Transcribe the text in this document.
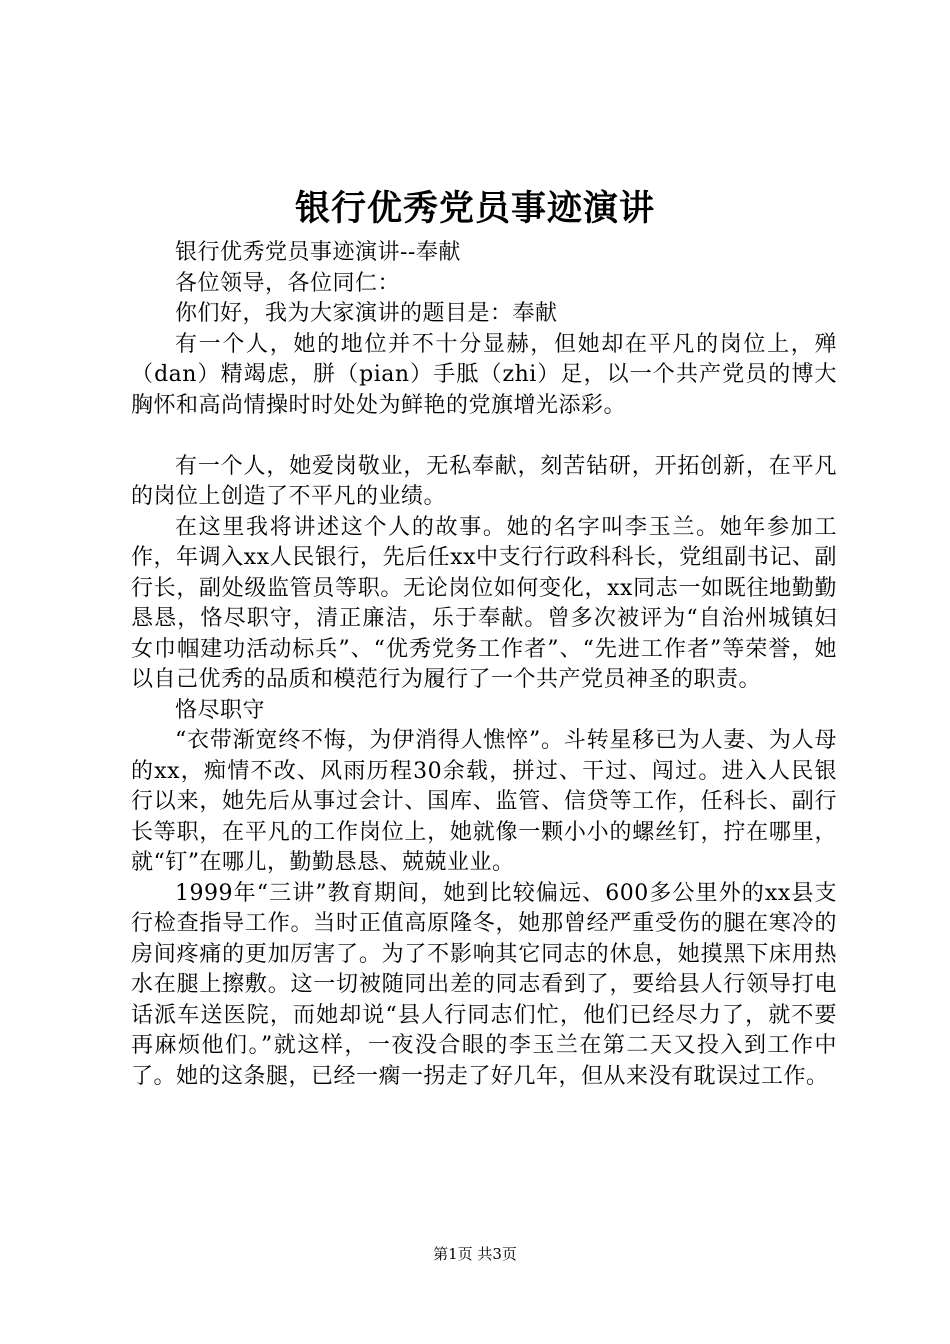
银行优秀党员事迹演讲

银行优秀党员事迹演讲--奉献

各位领导，各位同仁：

你们好，我为大家演讲的题目是：奉献

有一个人，她的地位并不十分显赫，但她却在平凡的岗位上，殚（dan）精竭虑，胼（pian）手胝（zhi）足，以一个共产党员的博大胸怀和高尚情操时时处处为鲜艳的党旗增光添彩。

有一个人，她爱岗敬业，无私奉献，刻苦钻研，开拓创新，在平凡的岗位上创造了不平凡的业绩。

在这里我将讲述这个人的故事。她的名字叫李玉兰。她年参加工作，年调入xx人民银行，先后任xx中支行行政科科长，党组副书记、副行长，副处级监管员等职。无论岗位如何变化，xx同志一如既往地勤勤恳恳，恪尽职守，清正廉洁，乐于奉献。曾多次被评为“自治州城镇妇女巾帼建功活动标兵”、“优秀党务工作者”、“先进工作者”等荣誉，她以自己优秀的品质和模范行为履行了一个共产党员神圣的职责。

恪尽职守

“衣带渐宽终不悔，为伊消得人憔悴”。斗转星移已为人妻、为人母的xx，痴情不改、风雨历程30余载，拼过、干过、闯过。进入人民银行以来，她先后从事过会计、国库、监管、信贷等工作，任科长、副行长等职，在平凡的工作岗位上，她就像一颗小小的螺丝钉，拧在哪里，就“钉”在哪儿，勤勤恳恳、兢兢业业。

1999年“三讲”教育期间，她到比较偏远、600多公里外的xx县支行检查指导工作。当时正值高原隆冬，她那曾经严重受伤的腿在寒冷的房间疼痛的更加厉害了。为了不影响其它同志的休息，她摸黑下床用热水在腿上擦敷。这一切被随同出差的同志看到了，要给县人行领导打电话派车送医院，而她却说“县人行同志们忙，他们已经尽力了，就不要再麻烦他们。”就这样，一夜没合眼的李玉兰在第二天又投入到工作中了。她的这条腿，已经一瘸一拐走了好几年，但从来没有耽误过工作。

第1页 共3页
